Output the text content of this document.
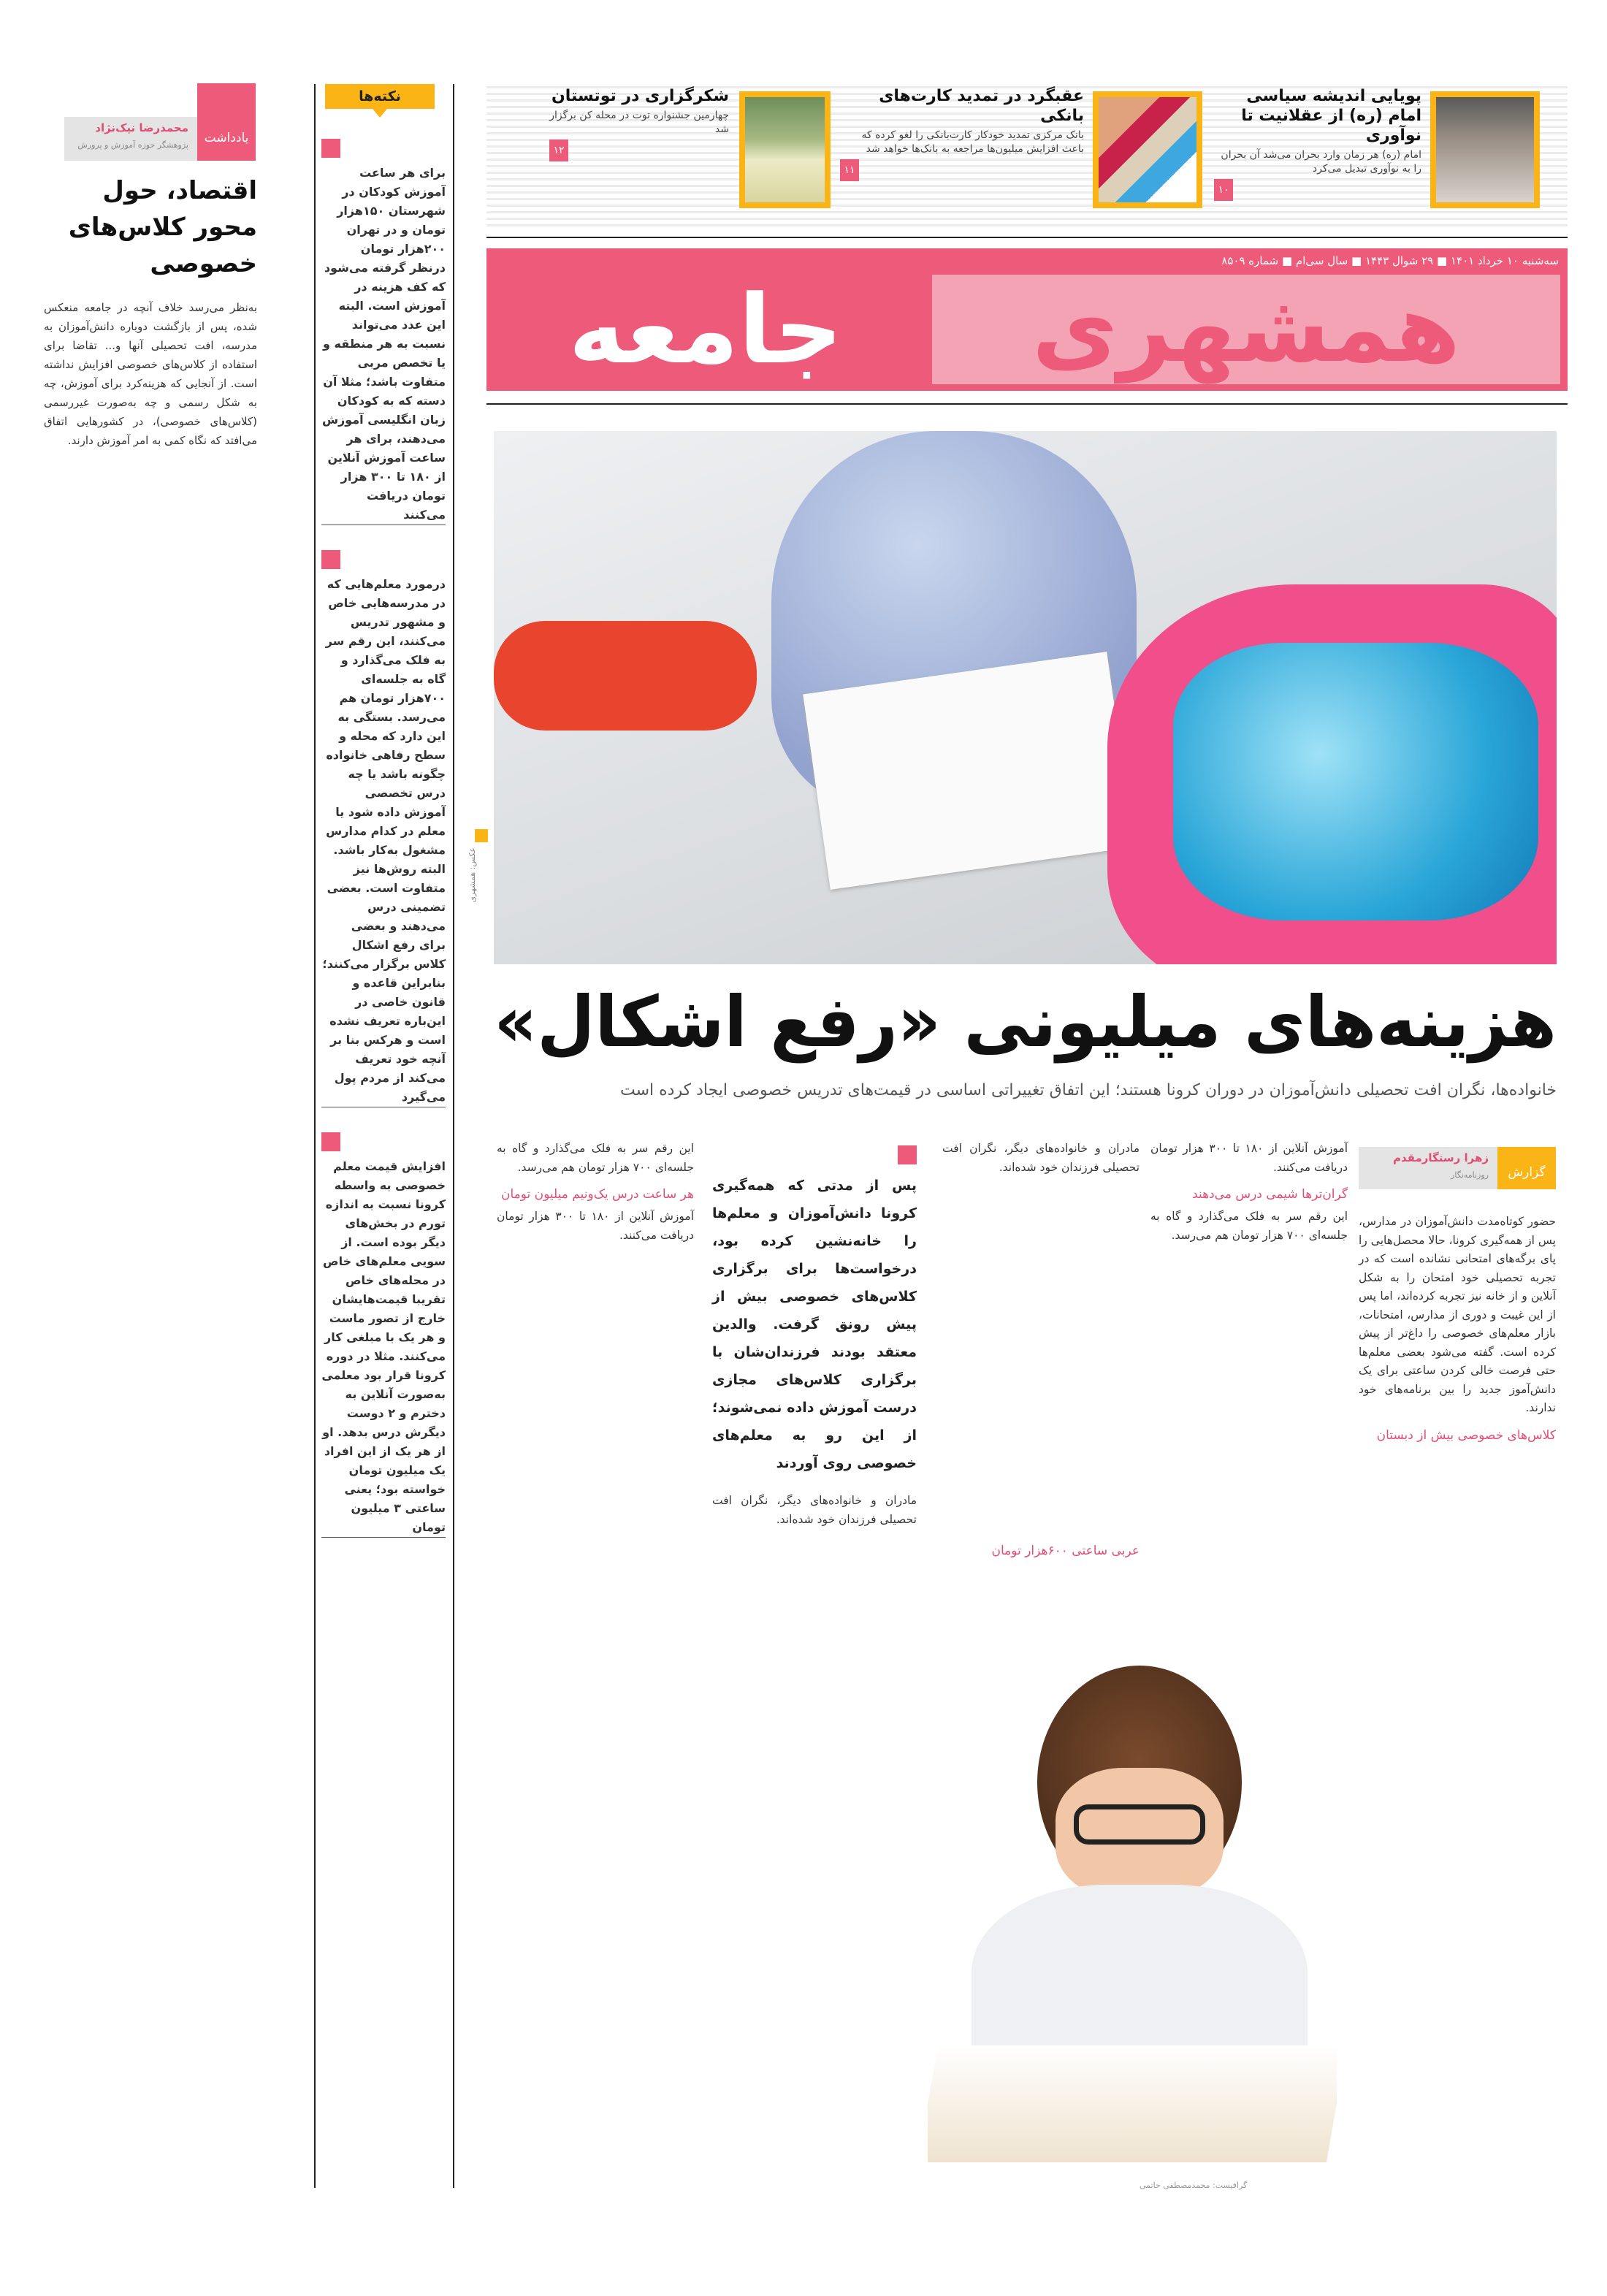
پویایی اندیشه سیاسی امام (ره) از عقلانیت تا نوآوری

امام (ره) هر زمان وارد بحران می‌شد آن بحران را به نوآوری تبدیل می‌کرد

۱۰
عقبگرد در تمدید کارت‌های بانکی

بانک مرکزی تمدید خودکار کارت‌بانکی را لغو کرده که باعث افزایش میلیون‌ها مراجعه به بانک‌ها خواهد شد

۱۱
شکرگزاری در توتستان

چهارمین جشنواره توت در محله کن برگزار شد

۱۲
سه‌شنبه ۱۰ خرداد ۱۴۰۱ ■ ۲۹ شوال ۱۴۴۳ ■ سال سی‌ام ■ شماره ۸۵۰۹
همشهری
جامعه
عکس: همشهری
هزینه‌های میلیونی «رفع اشکال»
خانواده‌ها، نگران افت تحصیلی دانش‌آموزان در دوران کرونا هستند؛ این اتفاق تغییراتی اساسی در قیمت‌های تدریس خصوصی ایجاد کرده است
گزارش
زهرا رستگارمقدم
روزنامه‌نگار

حضور کوتاه‌مدت دانش‌آموزان در مدارس، پس از همه‌گیری کرونا، حالا محصل‌هایی را پای برگه‌های امتحانی نشانده است که در تجربه تحصیلی خود امتحان را به شکل آنلاین و از خانه نیز تجربه کرده‌اند، اما پس از این غیبت و دوری از مدارس، امتحانات، بازار معلم‌های خصوصی را داغ‌تر از پیش کرده است. گفته می‌شود بعضی معلم‌ها حتی فرصت خالی کردن ساعتی برای یک دانش‌آموز جدید را بین برنامه‌های خود ندارند.

کلاس‌های خصوصی بیش از دبستان

آموزش آنلاین از ۱۸۰ تا ۳۰۰ هزار تومان دریافت می‌کنند.

گران‌ترها شیمی درس می‌دهند

این رقم سر به فلک می‌گذارد و گاه به جلسه‌ای ۷۰۰ هزار تومان هم می‌رسد.

مادران و خانواده‌های دیگر، نگران افت تحصیلی فرزندان خود شده‌اند.

عربی ساعتی ۶۰۰هزار تومان
پس از مدتی که همه‌گیری کرونا دانش‌آموزان و معلم‌ها را خانه‌نشین کرده بود، درخواست‌ها برای برگزاری کلاس‌های خصوصی بیش از پیش رونق گرفت. والدین معتقد بودند فرزندان‌شان با برگزاری کلاس‌های مجازی درست آموزش داده نمی‌شوند؛ از این رو به معلم‌های خصوصی روی آوردند

مادران و خانواده‌های دیگر، نگران افت تحصیلی فرزندان خود شده‌اند.

این رقم سر به فلک می‌گذارد و گاه به جلسه‌ای ۷۰۰ هزار تومان هم می‌رسد.

هر ساعت درس یک‌ونیم میلیون تومان

آموزش آنلاین از ۱۸۰ تا ۳۰۰ هزار تومان دریافت می‌کنند.

گرافیست: محمدمصطفی حاتمی
نکته‌ها
برای هر ساعت آموزش کودکان در شهرستان ۱۵۰هزار تومان و در تهران ۲۰۰هزار تومان درنظر گرفته می‌شود که کف هزینه در آموزش است. البته این عدد می‌تواند نسبت به هر منطقه و یا تخصص مربی متفاوت باشد؛ مثلا آن دسته که به کودکان زبان انگلیسی آموزش می‌دهند، برای هر ساعت آموزش آنلاین از ۱۸۰ تا ۳۰۰ هزار تومان دریافت می‌کنند
درمورد معلم‌هایی که در مدرسه‌هایی خاص و مشهور تدریس می‌کنند، این رقم سر به فلک می‌گذارد و گاه به جلسه‌ای ۷۰۰هزار تومان هم می‌رسد. بستگی به این دارد که محله و سطح رفاهی خانواده چگونه باشد یا چه درس تخصصی آموزش داده شود یا معلم در کدام مدارس مشغول به‌کار باشد. البته روش‌ها نیز متفاوت است. بعضی تضمینی درس می‌دهند و بعضی برای رفع اشکال کلاس برگزار می‌کنند؛ بنابراین قاعده و قانون خاصی در این‌باره تعریف نشده است و هرکس بنا بر آنچه خود تعریف می‌کند از مردم پول می‌گیرد
افزایش قیمت معلم خصوصی به واسطه کرونا نسبت به اندازه تورم در بخش‌های دیگر بوده است. از سویی معلم‌های خاص در محله‌های خاص تقریبا قیمت‌هایشان خارج از تصور ماست و هر یک با مبلغی کار می‌کنند. مثلا در دوره کرونا قرار بود معلمی به‌صورت آنلاین به دخترم و ۲ دوست دیگرش درس بدهد. او از هر یک از این افراد یک میلیون تومان خواسته بود؛ یعنی ساعتی ۳ میلیون تومان
یادداشت
محمدرضا نیک‌نژاد
پژوهشگر حوزه آموزش و پرورش
اقتصاد، حول محور کلاس‌های خصوصی

به‌نظر می‌رسد خلاف آنچه در جامعه منعکس شده، پس از بازگشت دوباره دانش‌آموزان به مدرسه، افت تحصیلی آنها و... تقاضا برای استفاده از کلاس‌های خصوصی افزایش نداشته است. از آنجایی که هزینه‌کرد برای آموزش، چه به شکل رسمی و چه به‌صورت غیررسمی (کلاس‌های خصوصی)، در کشورهایی اتفاق می‌افتد که نگاه کمی به امر آموزش دارند.
